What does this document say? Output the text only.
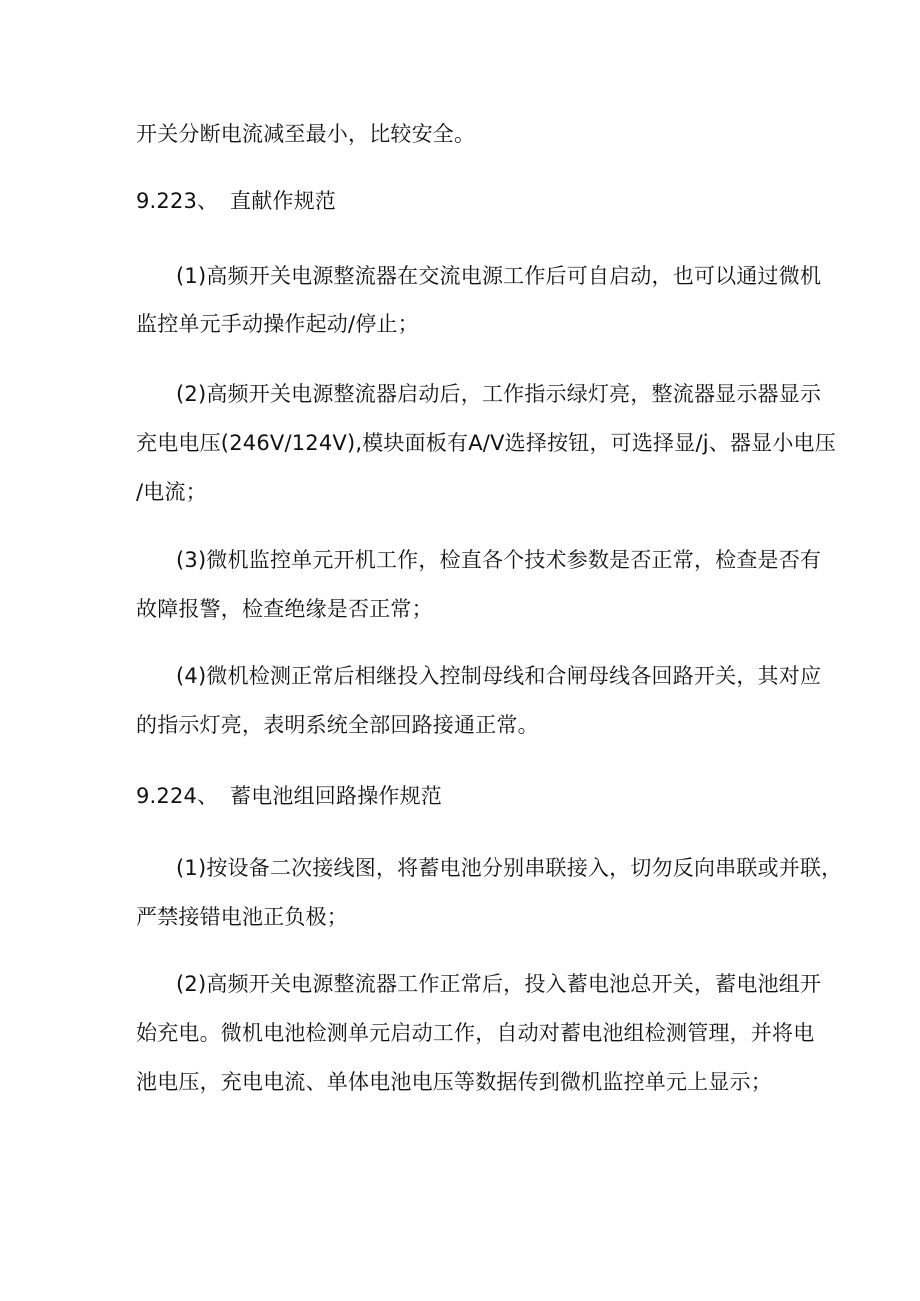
开关分断电流减至最小，比较安全。
9.223、 直献作规范
(1)高频开关电源整流器在交流电源工作后可自启动，也可以通过微机
监控单元手动操作起动/停止；
(2)高频开关电源整流器启动后，工作指示绿灯亮，整流器显示器显示
充电电压(246V/124V),模块面板有A/V选择按钮，可选择显/j、器显小电压
/电流；
(3)微机监控单元开机工作，检直各个技术参数是否正常，检查是否有
故障报警，检查绝缘是否正常；
(4)微机检测正常后相继投入控制母线和合闸母线各回路开关，其对应
的指示灯亮，表明系统全部回路接通正常。
9.224、 蓄电池组回路操作规范
(1)按设备二次接线图，将蓄电池分别串联接入，切勿反向串联或并联，
严禁接错电池正负极；
(2)高频开关电源整流器工作正常后，投入蓄电池总开关，蓄电池组开
始充电。微机电池检测单元启动工作，自动对蓄电池组检测管理，并将电
池电压，充电电流、单体电池电压等数据传到微机监控单元上显示；
